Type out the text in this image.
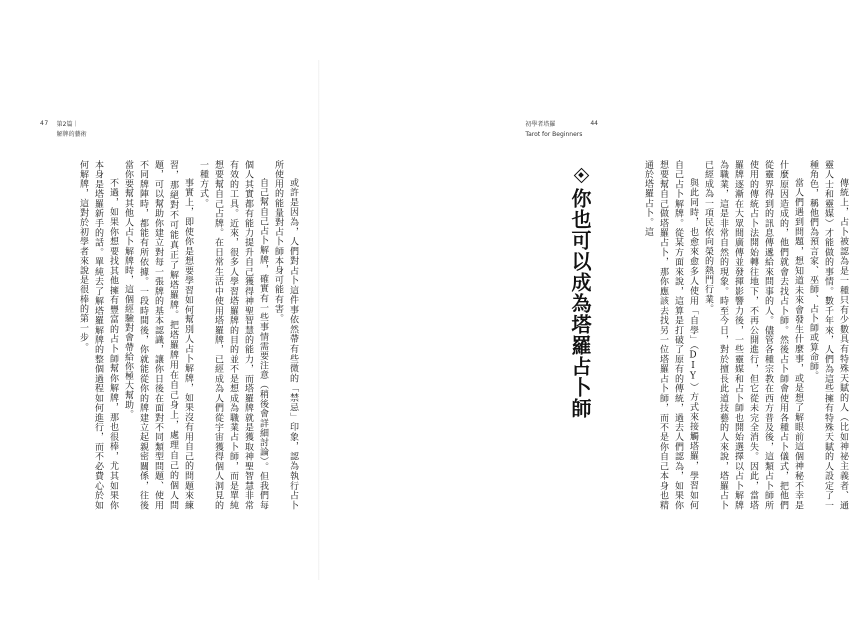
47 第2篇｜
解牌的藝術

或許是因為，人們對占卜這件事依然帶有些微的「禁忌」印象，認為執行占卜所使用的能量對占卜師本身可能有害。

自己幫自己占卜解牌，確實有一些事情需要注意（稍後會詳細討論）。但我們每個人其實都有能力提升自己獲得神聖智慧的能力，而塔羅牌就是獲取神聖智慧非常有效的工具。近來，很多人學習塔羅牌的目的並不是想成為職業占卜師，而是單純想要幫自己占牌。在日常生活中使用塔羅牌，已經成為人們從宇宙獲得個人洞見的一種方式。

事實上，即使你是想要學習如何幫別人占卜解牌，如果沒有用自己的問題來練習，那絕對不可能真正了解塔羅牌。把塔羅牌用在自己身上，處理自己的個人問題，可以幫助你建立對每一張牌的基本認識，讓你日後在面對不同類型問題、使用不同牌陣時，都能有所依據。一段時間後，你就能從你的牌建立起親密關係，往後當你要幫其他人占卜解牌時，這個經驗對會帶給你極大幫助。

不過，如果你想要找其他擁有豐富的占卜師幫你解牌，那也很棒，尤其如果你本身是塔羅新手的話。單純去了解塔羅解牌的整個過程如何進行，而不必費心於如何解牌，這對於初學者來說是很棒的第一步。

初學者塔羅
Tarot for Beginners
44

傳統上，占卜被認為是一種只有少數具有特殊天賦的人（比如神祕主義者、通靈人士和靈媒）才能做的事情。數千年來，人們為這些擁有特殊天賦的人設定了一種角色，稱他們為預言家、巫師、占卜師或算命師。

當人們遇到問題，想知道未來會發生什麼事，或是想了解眼前這個神秘不幸是什麼原因造成的，他們就會去找占卜師。然後占卜師會使用各種占卜儀式，把他們從靈界得到的訊息傳遞給來問事的人。儘管各種宗教在西方普及後，這類占卜師所使用的傳統占卜法開始轉往地下，不再公開進行，但它從未完全消失。因此，當塔羅牌逐漸在大眾間廣傳並發揮影響力後，一些靈媒和占卜師也開始選擇以占卜解牌為職業，這是非常自然的現象。時至今日，對於擅長此道技藝的人來說，塔羅占卜已經成為一項民依向榮的熱門行業。

與此同時，也愈來愈多人使用「自學」（DIY）方式來接觸塔羅，學習如何自己占卜解牌。從某方面來說，這算是打破了原有的傳統，過去人們認為，如果你想要幫自己做塔羅占卜，那你應該去找另一位塔羅占卜師，而不是你自己本身也精通於塔羅占卜。這

你也可以成為塔羅占卜師
